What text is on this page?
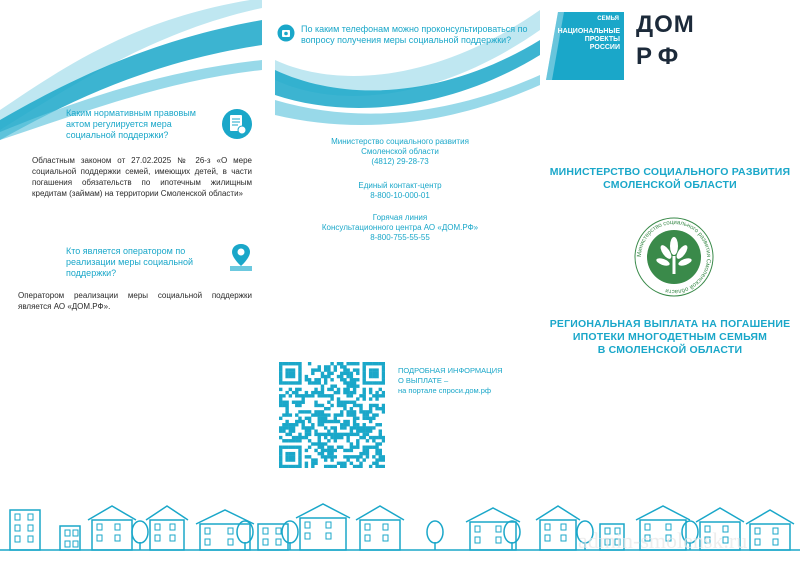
Каким нормативным правовым актом регулируется мера социальной поддержки?
Областным законом от 27.02.2025 № 26-з «О мере социальной поддержки семей, имеющих детей, в части погашения обязательств по ипотечным жилищным кредитам (займам) на территории Смоленской области»
Кто является оператором по реализации меры социальной поддержки?
Оператором реализации меры социальной поддержки является АО «ДОМ.РФ».
По каким телефонам можно проконсультироваться по вопросу получения меры социальной поддержки?
Министерство социального развития
Смоленской области
(4812) 29-28-73
Единый контакт-центр
8-800-10-000-01
Горячая линия
Консультационного центра АО «ДОМ.РФ»
8-800-755-55-55
ПОДРОБНАЯ ИНФОРМАЦИЯ
О ВЫПЛАТЕ –
на портале спроси.дом.рф
СЕМЬЯ
НАЦИОНАЛЬНЫЕ
ПРОЕКТЫ
РОССИИ
ДОМ
РФ
МИНИСТЕРСТВО СОЦИАЛЬНОГО РАЗВИТИЯ
СМОЛЕНСКОЙ ОБЛАСТИ
Министерство социального развития Смоленской области
РЕГИОНАЛЬНАЯ ВЫПЛАТА НА ПОГАШЕНИЕ
ИПОТЕКИ МНОГОДЕТНЫМ СЕМЬЯМ
В СМОЛЕНСКОЙ ОБЛАСТИ
admin-smolensk.ru
